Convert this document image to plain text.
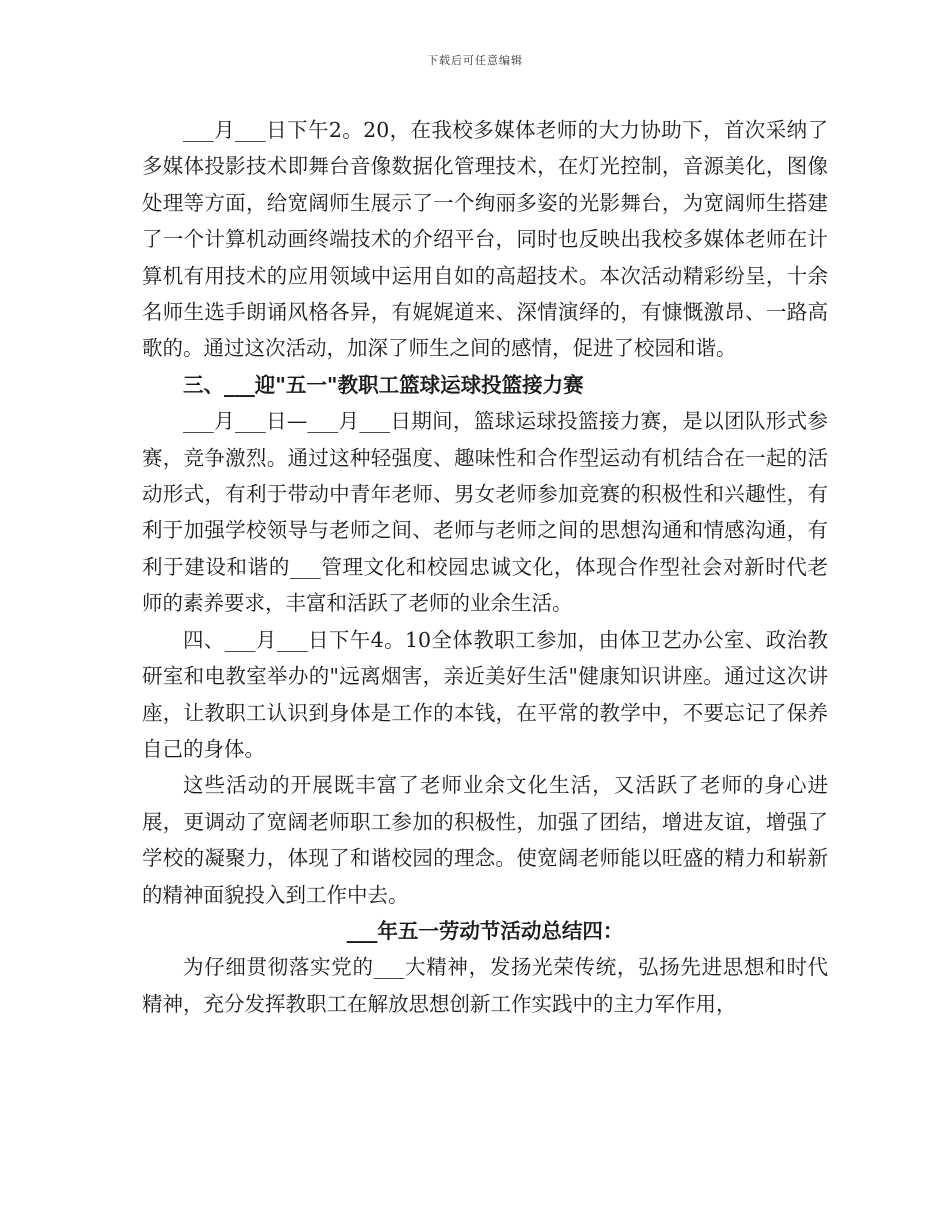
下载后可任意编辑

___月___日下午2。20，在我校多媒体老师的大力协助下，首次采纳了多媒体投影技术即舞台音像数据化管理技术，在灯光控制，音源美化，图像处理等方面，给宽阔师生展示了一个绚丽多姿的光影舞台，为宽阔师生搭建了一个计算机动画终端技术的介绍平台，同时也反映出我校多媒体老师在计算机有用技术的应用领域中运用自如的高超技术。本次活动精彩纷呈，十余名师生选手朗诵风格各异，有娓娓道来、深情演绎的，有慷慨激昂、一路高歌的。通过这次活动，加深了师生之间的感情，促进了校园和谐。

三、___迎"五一"教职工篮球运球投篮接力赛

___月___日—___月___日期间，篮球运球投篮接力赛，是以团队形式参赛，竞争激烈。通过这种轻强度、趣味性和合作型运动有机结合在一起的活动形式，有利于带动中青年老师、男女老师参加竞赛的积极性和兴趣性，有利于加强学校领导与老师之间、老师与老师之间的思想沟通和情感沟通，有利于建设和谐的___管理文化和校园忠诚文化，体现合作型社会对新时代老师的素养要求，丰富和活跃了老师的业余生活。

四、___月___日下午4。10全体教职工参加，由体卫艺办公室、政治教研室和电教室举办的"远离烟害，亲近美好生活"健康知识讲座。通过这次讲座，让教职工认识到身体是工作的本钱，在平常的教学中，不要忘记了保养自己的身体。

这些活动的开展既丰富了老师业余文化生活，又活跃了老师的身心进展，更调动了宽阔老师职工参加的积极性，加强了团结，增进友谊，增强了学校的凝聚力，体现了和谐校园的理念。使宽阔老师能以旺盛的精力和崭新的精神面貌投入到工作中去。

___年五一劳动节活动总结四：

为仔细贯彻落实党的___大精神，发扬光荣传统，弘扬先进思想和时代精神，充分发挥教职工在解放思想创新工作实践中的主力军作用，
